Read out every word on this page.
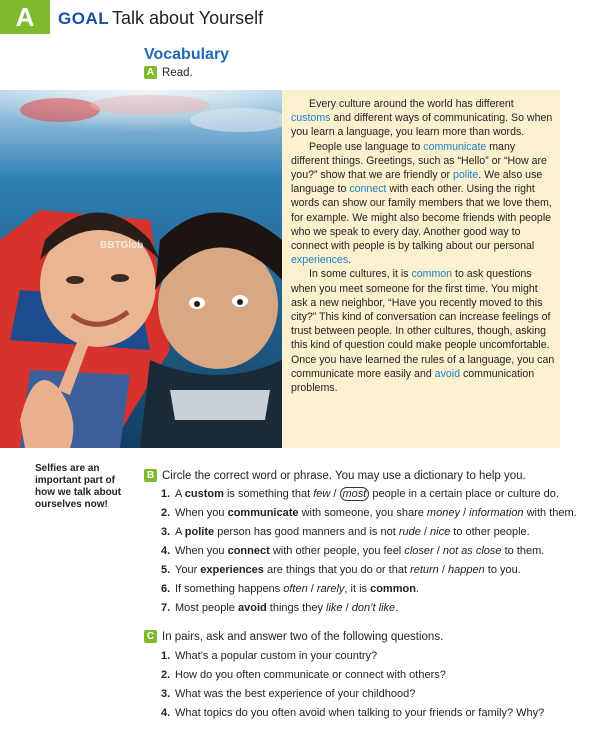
A	GOAL Talk about Yourself
Vocabulary
A Read.
BBTGlob

Every culture around the world has different customs and different ways of communicating. So when you learn a language, you learn more than words.

People use language to communicate many different things. Greetings, such as “Hello” or “How are you?” show that we are friendly or polite. We also use language to connect with each other. Using the right words can show our family members that we love them, for example. We might also become friends with people who we speak to every day. Another good way to connect with people is by talking about our personal experiences.

In some cultures, it is common to ask questions when you meet someone for the first time. You might ask a new neighbor, “Have you recently moved to this city?” This kind of conversation can increase feelings of trust between people. In other cultures, though, asking this kind of question could make people uncomfortable. Once you have learned the rules of a language, you can communicate more easily and avoid communication problems.

Selfies are an important part of how we talk about ourselves now!
B Circle the correct word or phrase. You may use a dictionary to help you.
1. A custom is something that few / most people in a certain place or culture do.
2. When you communicate with someone, you share money / information with them.
3. A polite person has good manners and is not rude / nice to other people.
4. When you connect with other people, you feel closer / not as close to them.
5. Your experiences are things that you do or that return / happen to you.
6. If something happens often / rarely, it is common.
7. Most people avoid things they like / don’t like.
C In pairs, ask and answer two of the following questions.
1. What’s a popular custom in your country?
2. How do you often communicate or connect with others?
3. What was the best experience of your childhood?
4. What topics do you often avoid when talking to your friends or family? Why?
